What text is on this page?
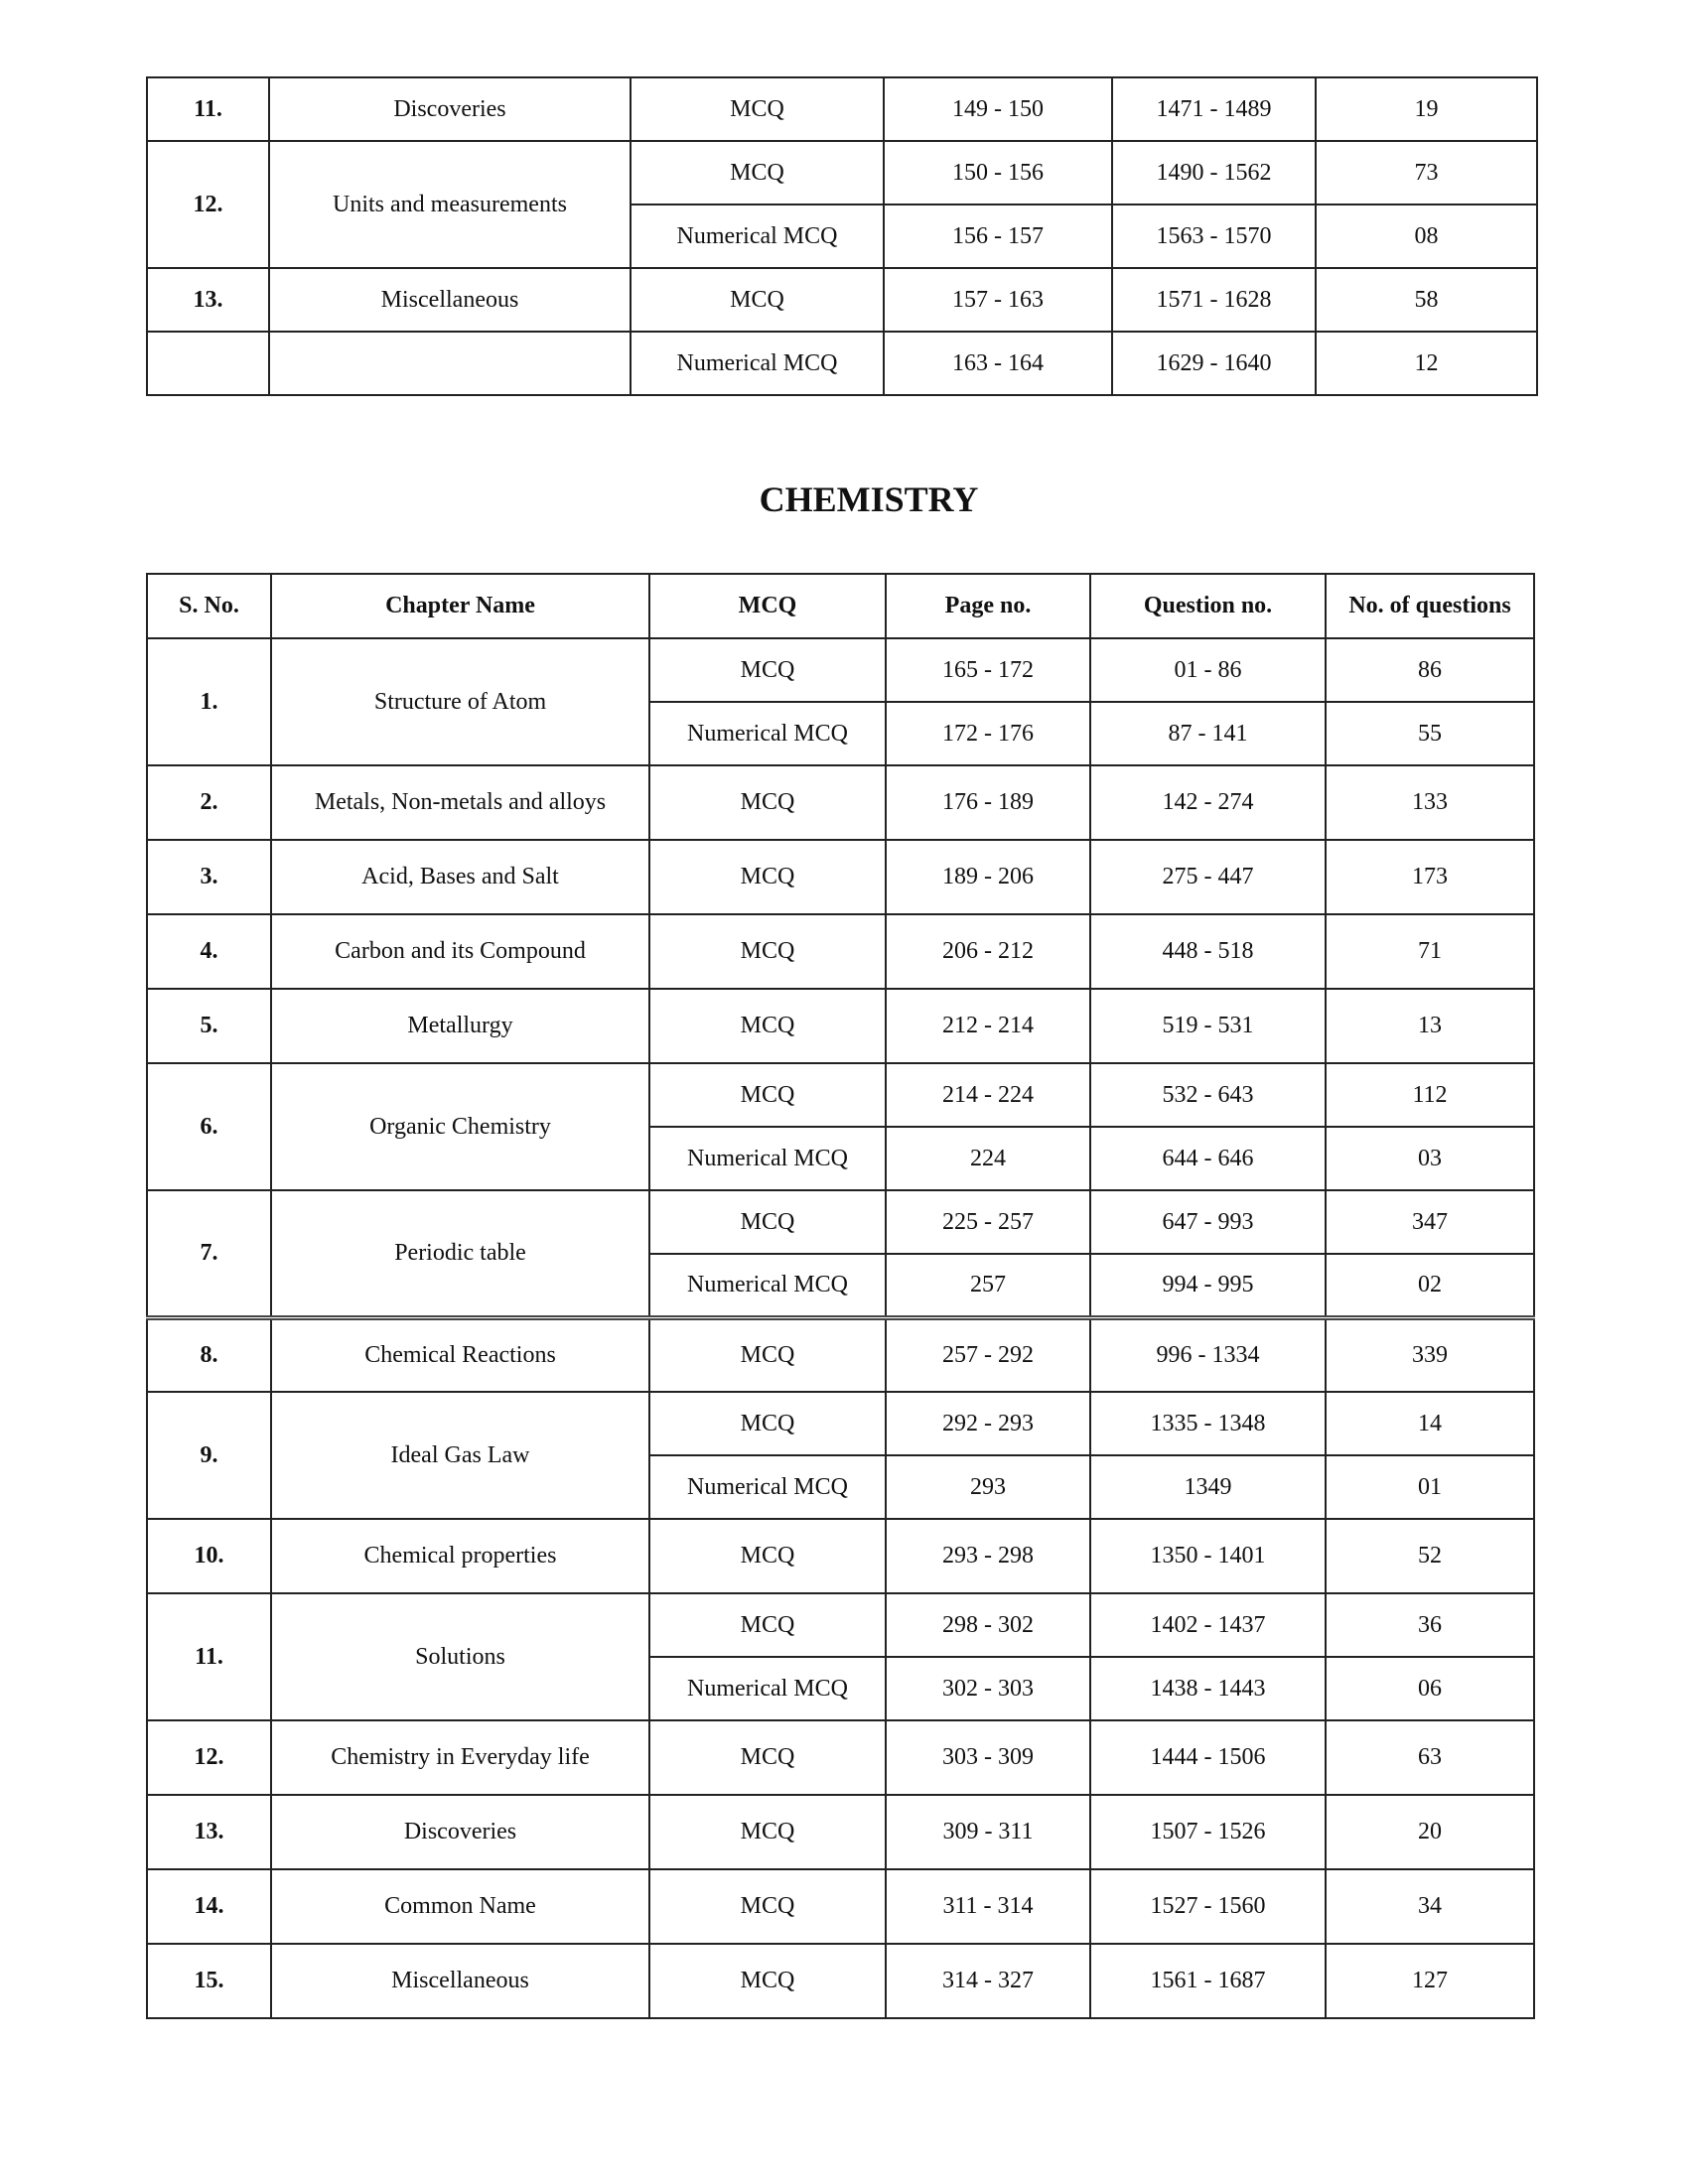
11.	Discoveries	MCQ	149 - 150	1471 - 1489	19
12.	Units and measurements	MCQ	150 - 156	1490 - 1562	73
		Numerical MCQ	156 - 157	1563 - 1570	08
13.	Miscellaneous	MCQ	157 - 163	1571 - 1628	58
		Numerical MCQ	163 - 164	1629 - 1640	12
CHEMISTRY
S. No.	Chapter Name	MCQ	Page no.	Question no.	No. of questions
1.	Structure of Atom	MCQ	165 - 172	01 - 86	86
		Numerical MCQ	172 - 176	87 - 141	55
2.	Metals, Non-metals and alloys	MCQ	176 - 189	142 - 274	133
3.	Acid, Bases and Salt	MCQ	189 - 206	275 - 447	173
4.	Carbon and its Compound	MCQ	206 - 212	448 - 518	71
5.	Metallurgy	MCQ	212 - 214	519 - 531	13
6.	Organic Chemistry	MCQ	214 - 224	532 - 643	112
		Numerical MCQ	224	644 - 646	03
7.	Periodic table	MCQ	225 - 257	647 - 993	347
		Numerical MCQ	257	994 - 995	02
8.	Chemical Reactions	MCQ	257 - 292	996 - 1334	339
9.	Ideal Gas Law	MCQ	292 - 293	1335 - 1348	14
		Numerical MCQ	293	1349	01
10.	Chemical properties	MCQ	293 - 298	1350 - 1401	52
11.	Solutions	MCQ	298 - 302	1402 - 1437	36
		Numerical MCQ	302 - 303	1438 - 1443	06
12.	Chemistry in Everyday life	MCQ	303 - 309	1444 - 1506	63
13.	Discoveries	MCQ	309 - 311	1507 - 1526	20
14.	Common Name	MCQ	311 - 314	1527 - 1560	34
15.	Miscellaneous	MCQ	314 - 327	1561 - 1687	127
